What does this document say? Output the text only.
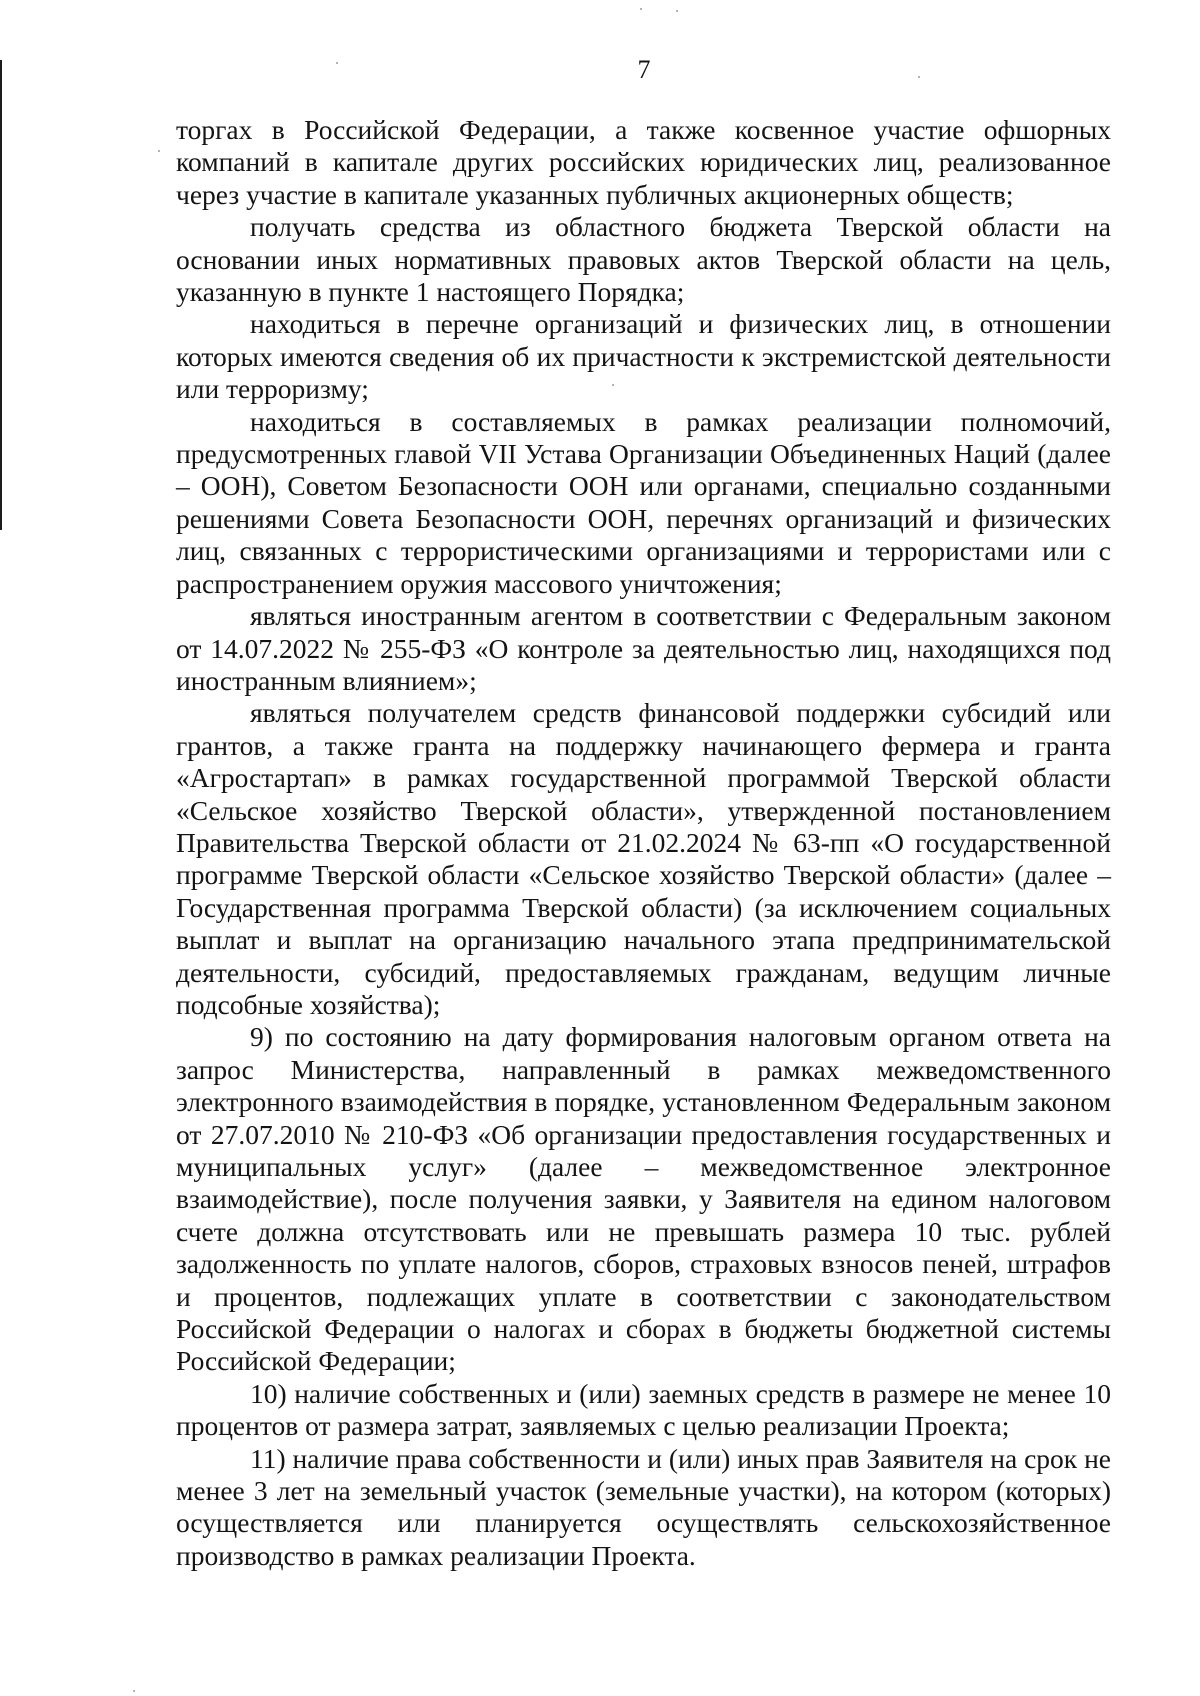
7

торгах в Российской Федерации, а также косвенное участие офшорных компаний в капитале других российских юридических лиц, реализованное через участие в капитале указанных публичных акционерных обществ;

получать средства из областного бюджета Тверской области на основании иных нормативных правовых актов Тверской области на цель, указанную в пункте 1 настоящего Порядка;

находиться в перечне организаций и физических лиц, в отношении которых имеются сведения об их причастности к экстремистской деятельности или терроризму;

находиться в составляемых в рамках реализации полномочий, предусмотренных главой VII Устава Организации Объединенных Наций (далее – ООН), Советом Безопасности ООН или органами, специально созданными решениями Совета Безопасности ООН, перечнях организаций и физических лиц, связанных с террористическими организациями и террористами или с распространением оружия массового уничтожения;

являться иностранным агентом в соответствии с Федеральным законом от 14.07.2022 № 255-ФЗ «О контроле за деятельностью лиц, находящихся под иностранным влиянием»;

являться получателем средств финансовой поддержки субсидий или грантов, а также гранта на поддержку начинающего фермера и гранта «Агростартап» в рамках государственной программой Тверской области «Сельское хозяйство Тверской области», утвержденной постановлением Правительства Тверской области от 21.02.2024 № 63-пп «О государственной программе Тверской области «Сельское хозяйство Тверской области» (далее – Государственная программа Тверской области) (за исключением социальных выплат и выплат на организацию начального этапа предпринимательской деятельности, субсидий, предоставляемых гражданам, ведущим личные подсобные хозяйства);

9) по состоянию на дату формирования налоговым органом ответа на запрос Министерства, направленный в рамках межведомственного электронного взаимодействия в порядке, установленном Федеральным законом от 27.07.2010 № 210-ФЗ «Об организации предоставления государственных и муниципальных услуг» (далее – межведомственное электронное взаимодействие), после получения заявки, у Заявителя на едином налоговом счете должна отсутствовать или не превышать размера 10 тыс. рублей задолженность по уплате налогов, сборов, страховых взносов пеней, штрафов и процентов, подлежащих уплате в соответствии с законодательством Российской Федерации о налогах и сборах в бюджеты бюджетной системы Российской Федерации;

10) наличие собственных и (или) заемных средств в размере не менее 10 процентов от размера затрат, заявляемых с целью реализации Проекта;

11) наличие права собственности и (или) иных прав Заявителя на срок не менее 3 лет на земельный участок (земельные участки), на котором (которых) осуществляется или планируется осуществлять сельскохозяйственное производство в рамках реализации Проекта.
